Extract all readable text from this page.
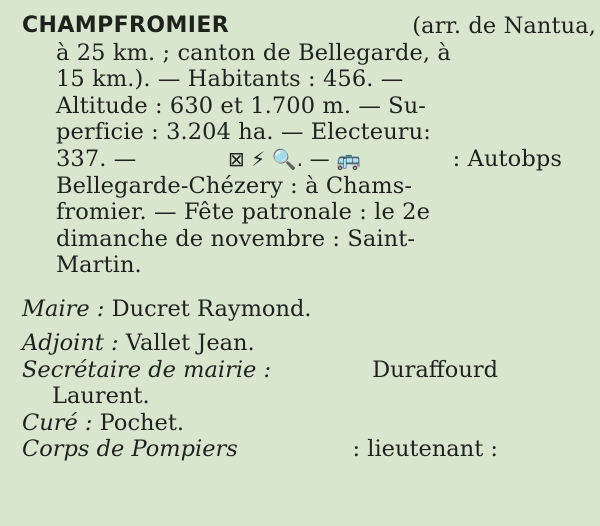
CHAMPFROMIER	(arr. de Nantua,
à 25 km. ; canton de Bellegarde, à
15 km.). — Habitants : 456. —
Altitude : 630 et 1.700 m. — Su-
perficie : 3.204 ha. — Electeuru:
337. —	⊠ ⚡ 🔍. — 🚌	: Autobps
Bellegarde-Chézery : à Chams-
fromier. — Fête patronale : le 2e
dimanche de novembre : Saint-
Martin.
Maire : Ducret Raymond.
Adjoint : Vallet Jean.
Secrétaire de mairie :	Duraffourd
Laurent.
Curé : Pochet.
Corps de Pompiers	: lieutenant :
